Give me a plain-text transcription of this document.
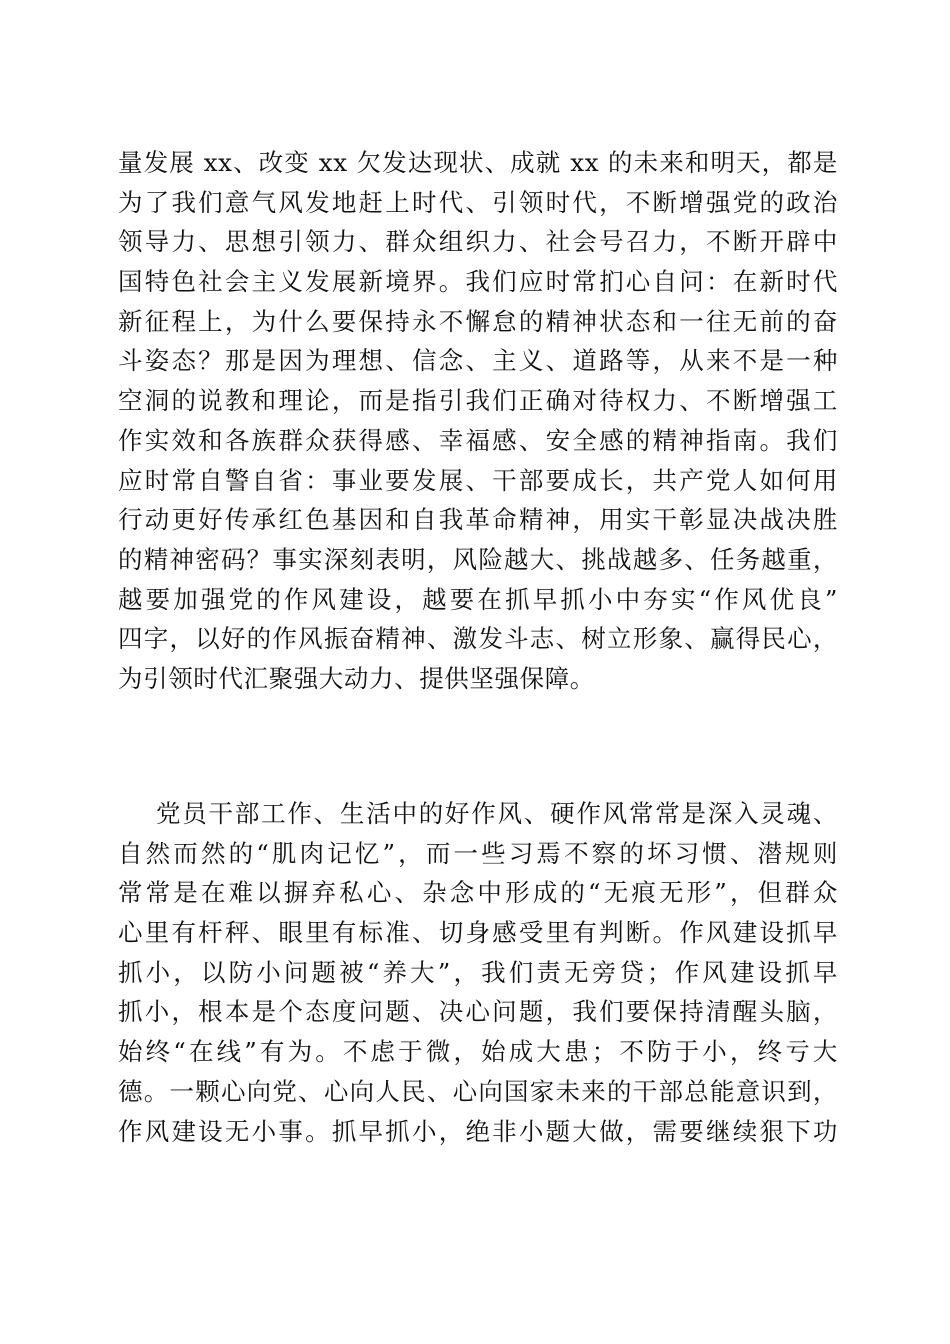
量发展 xx、改变 xx 欠发达现状、成就 xx 的未来和明天，都是
为了我们意气风发地赶上时代、引领时代，不断增强党的政治
领导力、思想引领力、群众组织力、社会号召力，不断开辟中
国特色社会主义发展新境界。我们应时常扪心自问：在新时代
新征程上，为什么要保持永不懈怠的精神状态和一往无前的奋
斗姿态？那是因为理想、信念、主义、道路等，从来不是一种
空洞的说教和理论，而是指引我们正确对待权力、不断增强工
作实效和各族群众获得感、幸福感、安全感的精神指南。我们
应时常自警自省：事业要发展、干部要成长，共产党人如何用
行动更好传承红色基因和自我革命精神，用实干彰显决战决胜
的精神密码？事实深刻表明，风险越大、挑战越多、任务越重，
越要加强党的作风建设，越要在抓早抓小中夯实“作风优良”
四字，以好的作风振奋精神、激发斗志、树立形象、赢得民心，
为引领时代汇聚强大动力、提供坚强保障。
党员干部工作、生活中的好作风、硬作风常常是深入灵魂、
自然而然的“肌肉记忆”，而一些习焉不察的坏习惯、潜规则
常常是在难以摒弃私心、杂念中形成的“无痕无形”，但群众
心里有杆秤、眼里有标准、切身感受里有判断。作风建设抓早
抓小，以防小问题被“养大”，我们责无旁贷；作风建设抓早
抓小，根本是个态度问题、决心问题，我们要保持清醒头脑，
始终“在线”有为。不虑于微，始成大患；不防于小，终亏大
德。一颗心向党、心向人民、心向国家未来的干部总能意识到，
作风建设无小事。抓早抓小，绝非小题大做，需要继续狠下功
